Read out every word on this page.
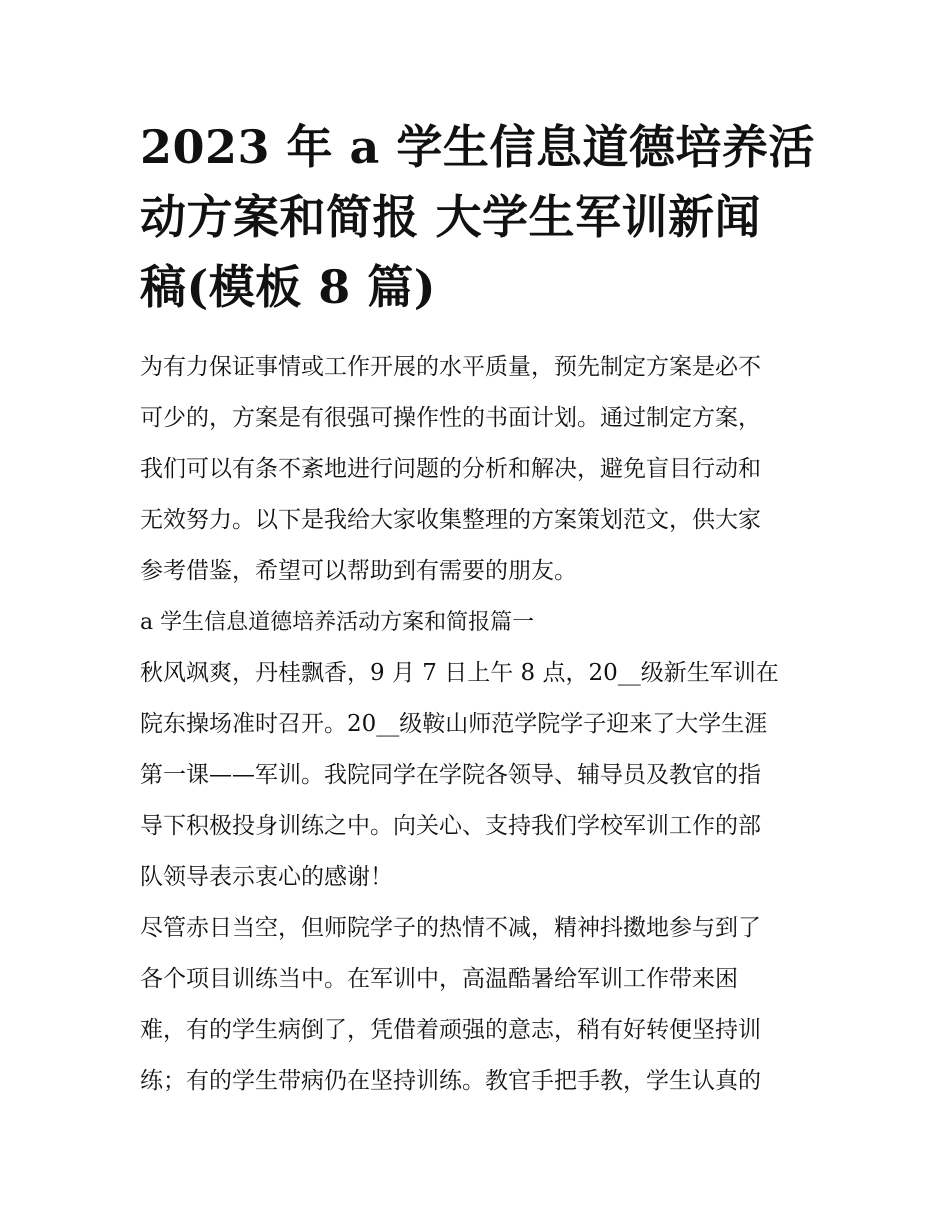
2023 年 a 学生信息道德培养活
动方案和简报 大学生军训新闻
稿(模板 8 篇)

为有力保证事情或工作开展的水平质量，预先制定方案是必不
可少的，方案是有很强可操作性的书面计划。通过制定方案，
我们可以有条不紊地进行问题的分析和解决，避免盲目行动和
无效努力。以下是我给大家收集整理的方案策划范文，供大家
参考借鉴，希望可以帮助到有需要的朋友。

a 学生信息道德培养活动方案和简报篇一

秋风飒爽，丹桂飘香，9 月 7 日上午 8 点，20__级新生军训在
院东操场准时召开。20__级鞍山师范学院学子迎来了大学生涯
第一课——军训。我院同学在学院各领导、辅导员及教官的指
导下积极投身训练之中。向关心、支持我们学校军训工作的部
队领导表示衷心的感谢！

尽管赤日当空，但师院学子的热情不减，精神抖擞地参与到了
各个项目训练当中。在军训中，高温酷暑给军训工作带来困
难，有的学生病倒了，凭借着顽强的意志，稍有好转便坚持训
练；有的学生带病仍在坚持训练。教官手把手教，学生认真的
